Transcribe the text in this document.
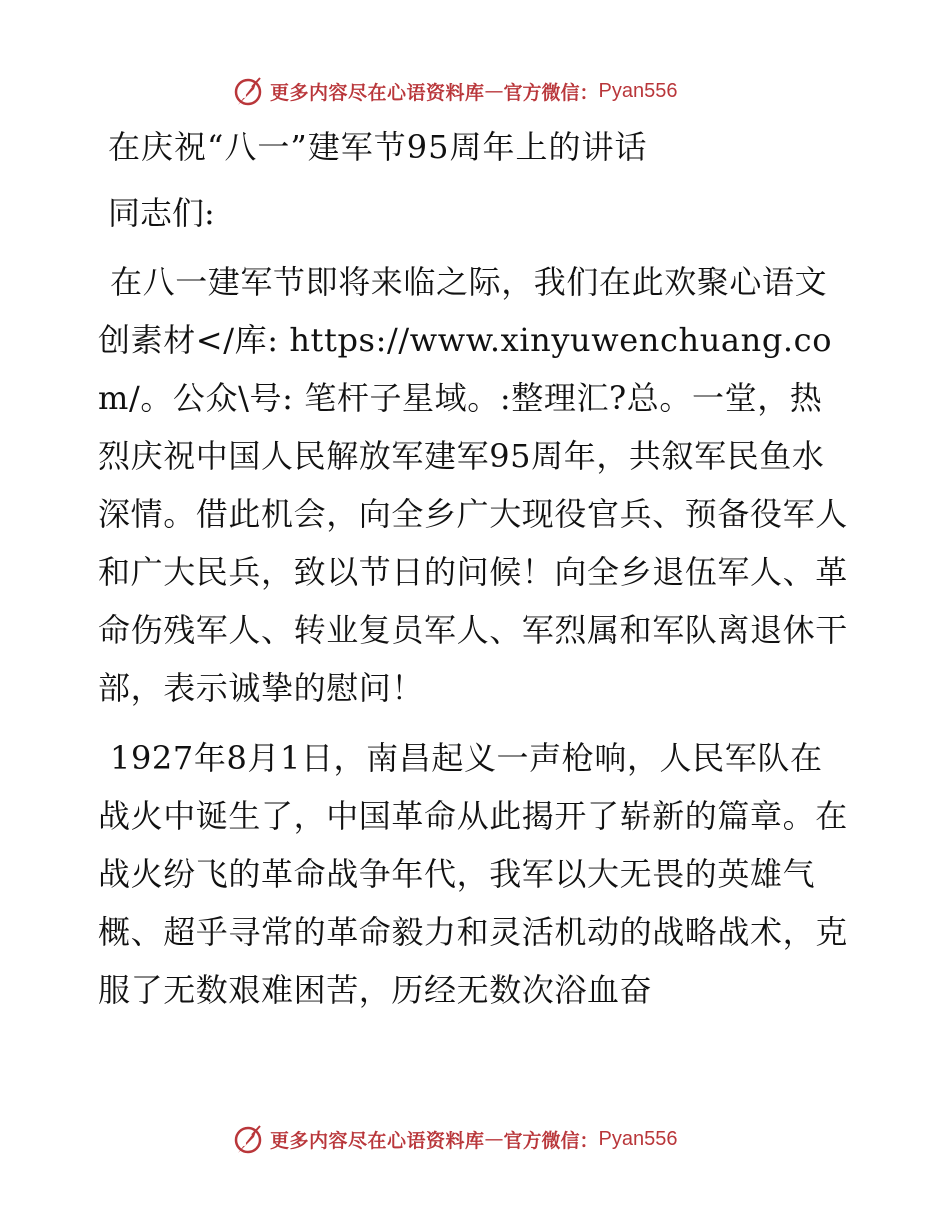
更多内容尽在心语资料库 — 官方微信： Pyan556
在庆祝“八一”建军节95周年上的讲话

同志们:

在八一建军节即将来临之际，我们在此欢聚心语文创素材</库: https://www.xinyuwenchuang.com/。公众\号: 笔杆子星域。:整理汇?总。一堂，热烈庆祝中国人民解放军建军95周年，共叙军民鱼水深情。借此机会，向全乡广大现役官兵、预备役军人和广大民兵，致以节日的问候！向全乡退伍军人、革命伤残军人、转业复员军人、军烈属和军队离退休干部，表示诚挚的慰问！

1927年8月1日，南昌起义一声枪响，人民军队在战火中诞生了，中国革命从此揭开了崭新的篇章。在战火纷飞的革命战争年代，我军以大无畏的英雄气概、超乎寻常的革命毅力和灵活机动的战略战术，克服了无数艰难困苦，历经无数次浴血奋

更多内容尽在心语资料库 — 官方微信： Pyan556
